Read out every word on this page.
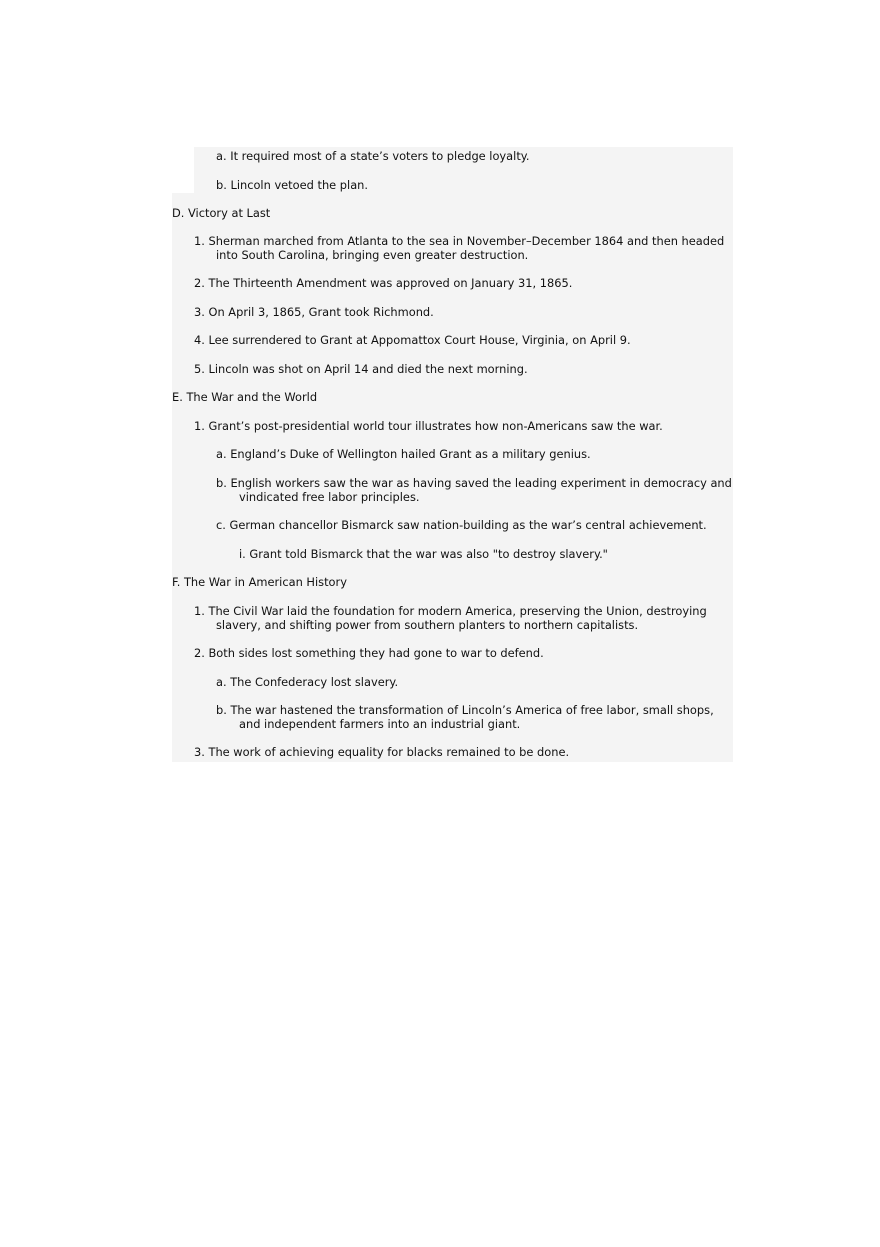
a. It required most of a state’s voters to pledge loyalty.
b. Lincoln vetoed the plan.
D. Victory at Last
1. Sherman marched from Atlanta to the sea in November–December 1864 and then headed
into South Carolina, bringing even greater destruction.
2. The Thirteenth Amendment was approved on January 31, 1865.
3. On April 3, 1865, Grant took Richmond.
4. Lee surrendered to Grant at Appomattox Court House, Virginia, on April 9.
5. Lincoln was shot on April 14 and died the next morning.
E. The War and the World
1. Grant’s post-presidential world tour illustrates how non-Americans saw the war.
a. England’s Duke of Wellington hailed Grant as a military genius.
b. English workers saw the war as having saved the leading experiment in democracy and
vindicated free labor principles.
c. German chancellor Bismarck saw nation-building as the war’s central achievement.
i. Grant told Bismarck that the war was also "to destroy slavery."
F. The War in American History
1. The Civil War laid the foundation for modern America, preserving the Union, destroying
slavery, and shifting power from southern planters to northern capitalists.
2. Both sides lost something they had gone to war to defend.
a. The Confederacy lost slavery.
b. The war hastened the transformation of Lincoln’s America of free labor, small shops,
and independent farmers into an industrial giant.
3. The work of achieving equality for blacks remained to be done.
